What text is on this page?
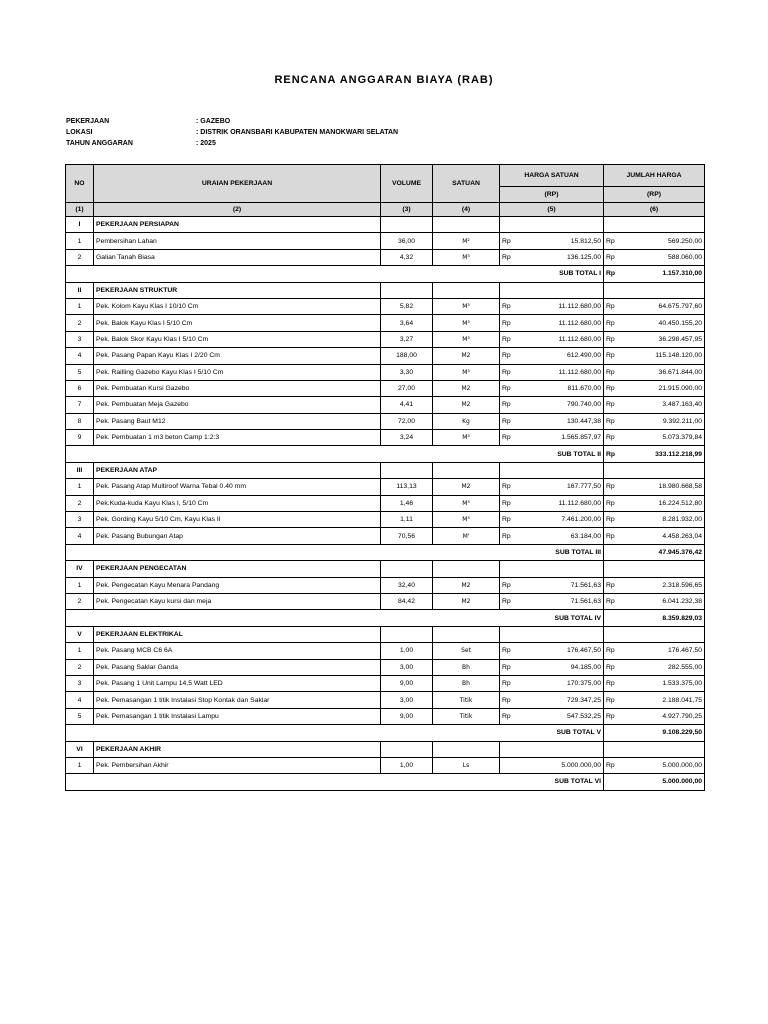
RENCANA ANGGARAN BIAYA (RAB)
PEKERJAAN	: GAZEBO
LOKASI	: DISTRIK ORANSBARI KABUPATEN MANOKWARI SELATAN
TAHUN ANGGARAN	: 2025
NO	URAIAN PEKERJAAN	VOLUME	SATUAN	HARGA SATUAN		JUMLAH HARGA	
				(RP)		(RP)	
(1)	(2)	(3)	(4)	(5)		(6)	
I	PEKERJAAN PERSIAPAN						
1	Pembersihan Lahan	36,00	M²	Rp	15.812,50	Rp	569.250,00
2	Galian Tanah Biasa	4,32	M³	Rp	136.125,00	Rp	588.060,00
				SUB TOTAL I		Rp	1.157.310,00
II	PEKERJAAN STRUKTUR						
1	Pek. Kolom Kayu Klas I 10/10 Cm	5,82	M³	Rp	11.112.680,00	Rp	64.675.797,60
2	Pek. Balok Kayu Klas I 5/10 Cm	3,64	M³	Rp	11.112.680,00	Rp	40.450.155,20
3	Pek. Balok Skor Kayu Klas I 5/10 Cm	3,27	M³	Rp	11.112.680,00	Rp	36.298.457,95
4	Pek. Pasang Papan Kayu Klas I 2/20 Cm	188,00	M2	Rp	612.490,00	Rp	115.148.120,00
5	Pek. Railling Gazebo Kayu Klas I 5/10 Cm	3,30	M³	Rp	11.112.680,00	Rp	36.671.844,00
6	Pek. Pembuatan Kursi Gazebo	27,00	M2	Rp	811.670,00	Rp	21.915.090,00
7	Pek. Pembuatan Meja Gazebo	4,41	M2	Rp	790.740,00	Rp	3.487.163,40
8	Pek. Pasang Baut M12	72,00	Kg	Rp	130.447,38	Rp	9.392.211,00
9	Pek. Pembuatan 1 m3 beton Camp 1:2:3	3,24	M³	Rp	1.565.857,97	Rp	5.073.379,84
				SUB TOTAL II		Rp	333.112.218,99
III	PEKERJAAN ATAP						
1	Pek. Pasang Atap Multiroof Warna Tebal 0.40 mm	113,13	M2	Rp	167.777,50	Rp	18.980.668,58
2	Pek.Kuda-kuda Kayu Klas I, 5/10 Cm	1,46	M³	Rp	11.112.680,00	Rp	16.224.512,80
3	Pek. Gording Kayu 5/10 Cm, Kayu Klas II	1,11	M³	Rp	7.461.200,00	Rp	8.281.932,00
4	Pek. Pasang Bubungan Atap	70,56	M'	Rp	63.184,00	Rp	4.458.263,04
				SUB TOTAL III			47.945.376,42
IV	PEKERJAAN PENGECATAN						
1	Pek. Pengecatan Kayu Menara Pandang	32,40	M2	Rp	71.561,63	Rp	2.318.596,65
2	Pek. Pengecatan Kayu kursi dan meja	84,42	M2	Rp	71.561,63	Rp	6.041.232,38
				SUB TOTAL IV			8.359.829,03
V	PEKERJAAN ELEKTRIKAL						
1	Pek. Pasang MCB C6 6A	1,00	Set	Rp	176.467,50	Rp	176.467,50
2	Pek. Pasang Saklar Ganda	3,00	Bh	Rp	94.185,00	Rp	282.555,00
3	Pek. Pasang 1 Unit Lampu 14,5 Watt LED	9,00	Bh	Rp	170.375,00	Rp	1.533.375,00
4	Pek. Pemasangan 1 titik Instalasi Stop Kontak dan Saklar	3,00	Titik	Rp	729.347,25	Rp	2.188.041,75
5	Pek. Pemasangan 1 titik Instalasi Lampu	9,00	Titik	Rp	547.532,25	Rp	4.927.790,25
				SUB TOTAL V			9.108.229,50
VI	PEKERJAAN AKHIR						
1	Pek. Pembersihan Akhir	1,00	Ls		5.000.000,00	Rp	5.000.000,00
				SUB TOTAL VI			5.000.000,00
